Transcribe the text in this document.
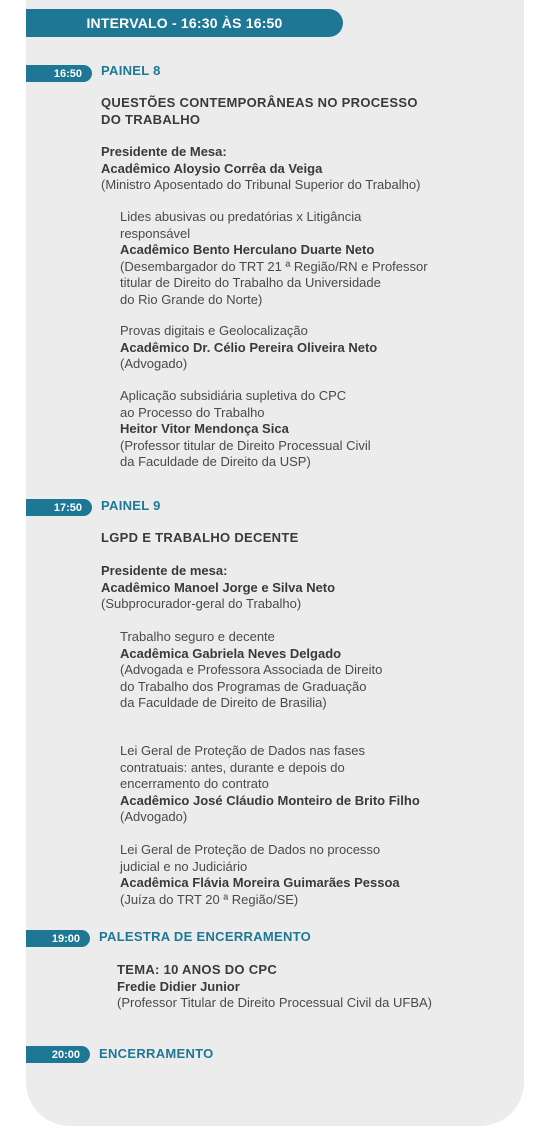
INTERVALO - 16:30 ÀS 16:50
16:50	PAINEL 8
QUESTÕES CONTEMPORÂNEAS NO PROCESSO
DO TRABALHO
Presidente de Mesa:
Acadêmico Aloysio Corrêa da Veiga
(Ministro Aposentado do Tribunal Superior do Trabalho)
Lides abusivas ou predatórias x Litigância
responsável
Acadêmico Bento Herculano Duarte Neto
(Desembargador do TRT 21 ª Região/RN e Professor
titular de Direito do Trabalho da Universidade
do Rio Grande do Norte)
Provas digitais e Geolocalização
Acadêmico Dr. Célio Pereira Oliveira Neto
(Advogado)
Aplicação subsidiária supletiva do CPC
ao Processo do Trabalho
Heitor Vitor Mendonça Sica
(Professor titular de Direito Processual Civil
da Faculdade de Direito da USP)
17:50	PAINEL 9
LGPD E TRABALHO DECENTE
Presidente de mesa:
Acadêmico Manoel Jorge e Silva Neto
(Subprocurador-geral do Trabalho)
Trabalho seguro e decente
Acadêmica Gabriela Neves Delgado
(Advogada e Professora Associada de Direito
do Trabalho dos Programas de Graduação
da Faculdade de Direito de Brasilia)
Lei Geral de Proteção de Dados nas fases
contratuais: antes, durante e depois do
encerramento do contrato
Acadêmico José Cláudio Monteiro de Brito Filho
(Advogado)
Lei Geral de Proteção de Dados no processo
judicial e no Judiciário
Acadêmica Flávia Moreira Guimarães Pessoa
(Juíza do TRT 20 ª Região/SE)
19:00	PALESTRA DE ENCERRAMENTO
TEMA: 10 ANOS DO CPC
Fredie Didier Junior
(Professor Titular de Direito Processual Civil da UFBA)
20:00	ENCERRAMENTO
